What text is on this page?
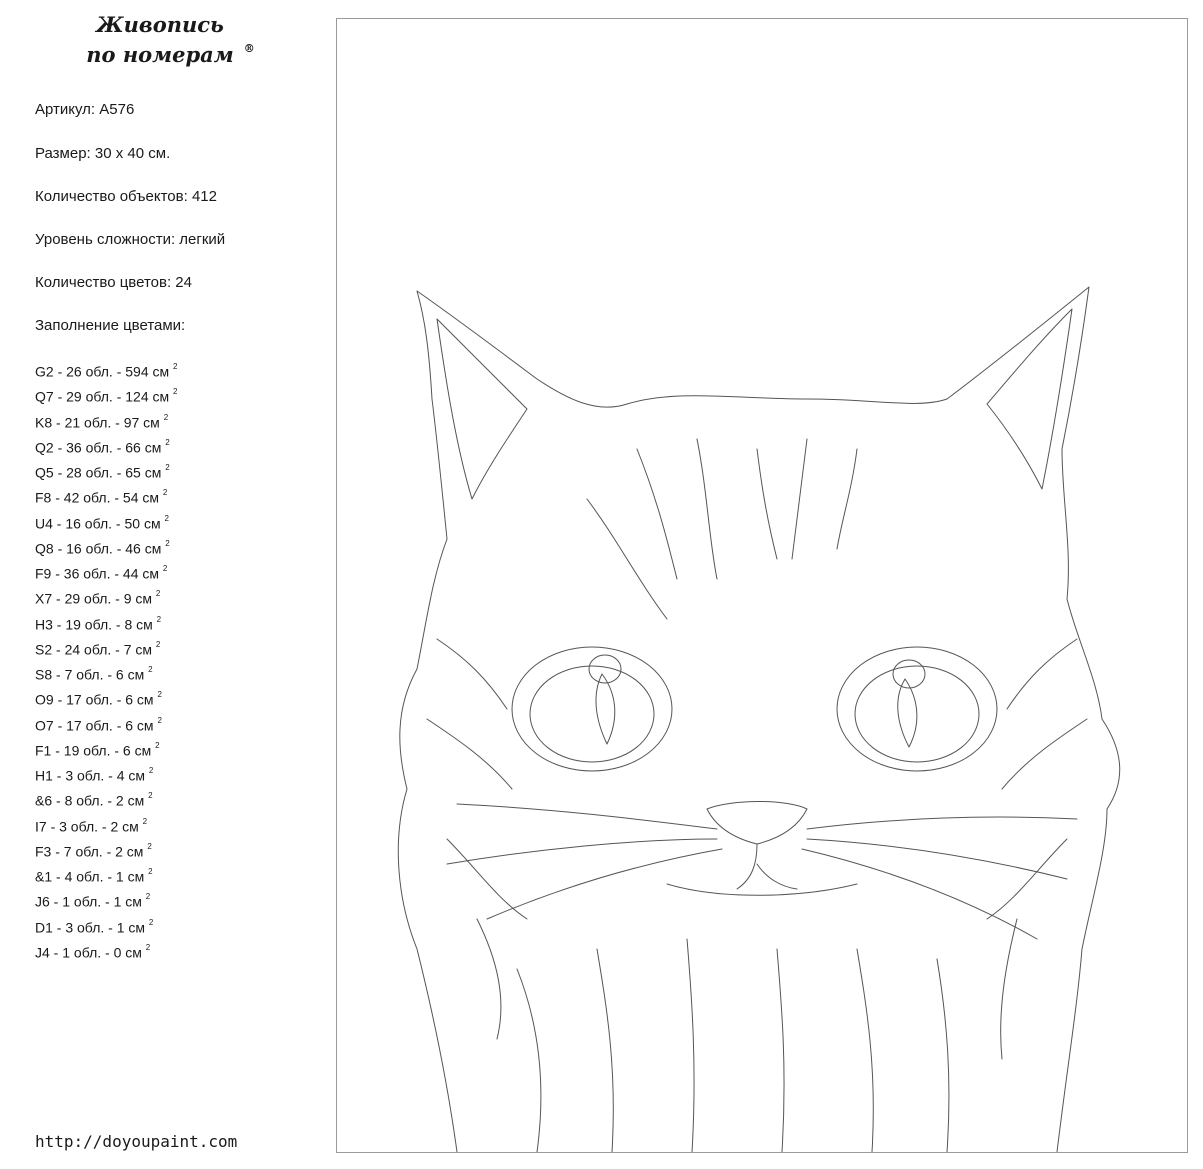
Живопись
по номерам ®
Артикул: A576
Размер: 30 х 40 см.
Количество объектов: 412
Уровень сложности: легкий
Количество цветов: 24
Заполнение цветами:
G2 - 26 обл. - 594 см $^2$
Q7 - 29 обл. - 124 см $^2$
K8 - 21 обл. - 97 см $^2$
Q2 - 36 обл. - 66 см $^2$
Q5 - 28 обл. - 65 см $^2$
F8 - 42 обл. - 54 см $^2$
U4 - 16 обл. - 50 см $^2$
Q8 - 16 обл. - 46 см $^2$
F9 - 36 обл. - 44 см $^2$
X7 - 29 обл. - 9 см $^2$
H3 - 19 обл. - 8 см $^2$
S2 - 24 обл. - 7 см $^2$
S8 - 7 обл. - 6 см $^2$
O9 - 17 обл. - 6 см $^2$
O7 - 17 обл. - 6 см $^2$
F1 - 19 обл. - 6 см $^2$
H1 - 3 обл. - 4 см $^2$
&6 - 8 обл. - 2 см $^2$
I7 - 3 обл. - 2 см $^2$
F3 - 7 обл. - 2 см $^2$
&1 - 4 обл. - 1 см $^2$
J6 - 1 обл. - 1 см $^2$
D1 - 3 обл. - 1 см $^2$
J4 - 1 обл. - 0 см $^2$
http://doyoupaint.com
